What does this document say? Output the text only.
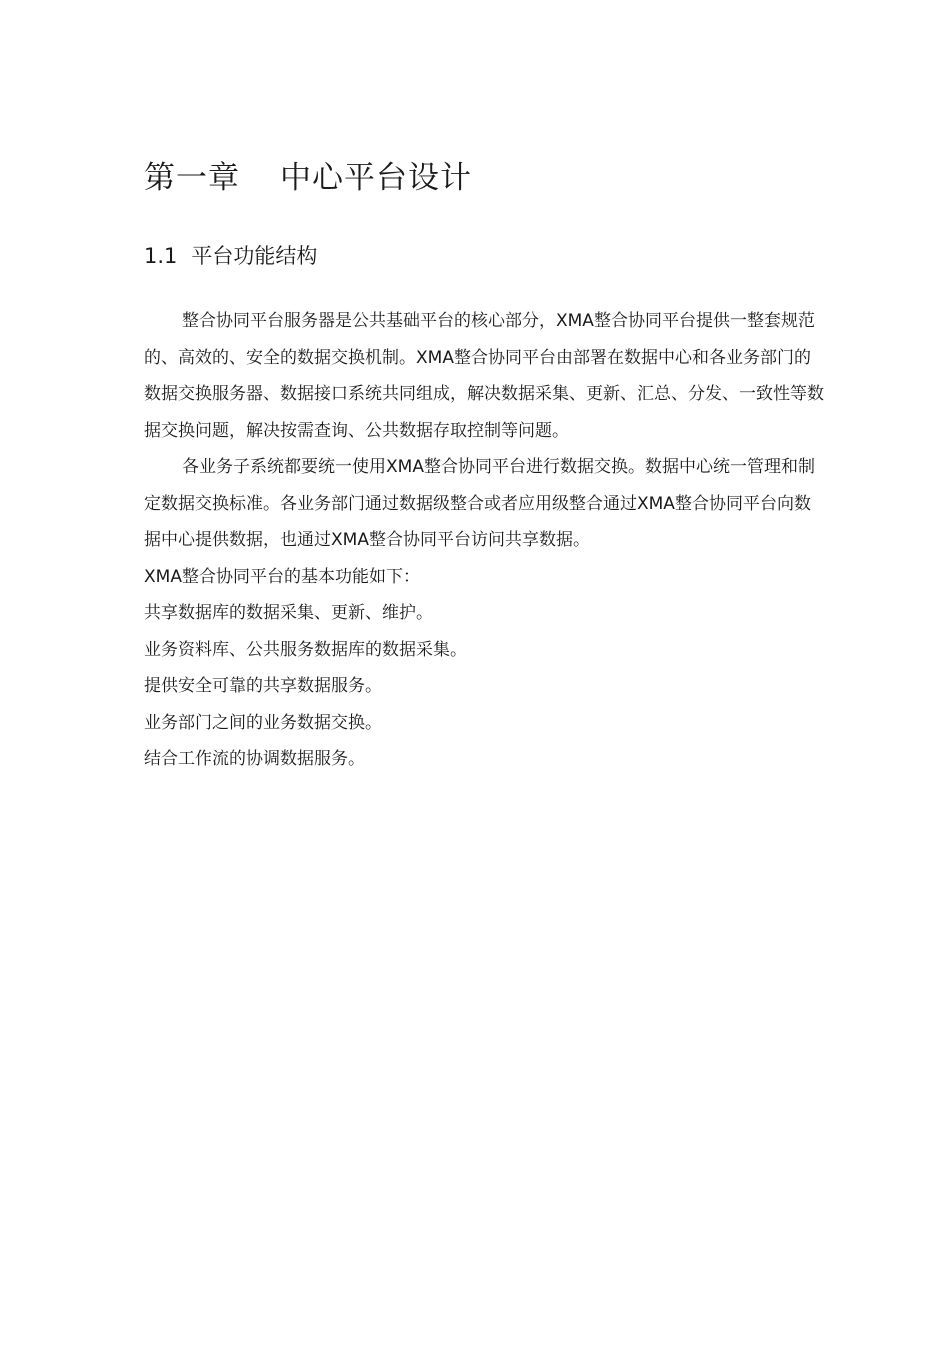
第一章 中心平台设计
1.1 平台功能结构

整合协同平台服务器是公共基础平台的核心部分，XMA整合协同平台提供一整套规范的、高效的、安全的数据交换机制。XMA整合协同平台由部署在数据中心和各业务部门的数据交换服务器、数据接口系统共同组成，解决数据采集、更新、汇总、分发、一致性等数据交换问题，解决按需查询、公共数据存取控制等问题。

各业务子系统都要统一使用XMA整合协同平台进行数据交换。数据中心统一管理和制定数据交换标准。各业务部门通过数据级整合或者应用级整合通过XMA整合协同平台向数据中心提供数据，也通过XMA整合协同平台访问共享数据。

XMA整合协同平台的基本功能如下：

共享数据库的数据采集、更新、维护。

业务资料库、公共服务数据库的数据采集。

提供安全可靠的共享数据服务。

业务部门之间的业务数据交换。

结合工作流的协调数据服务。
